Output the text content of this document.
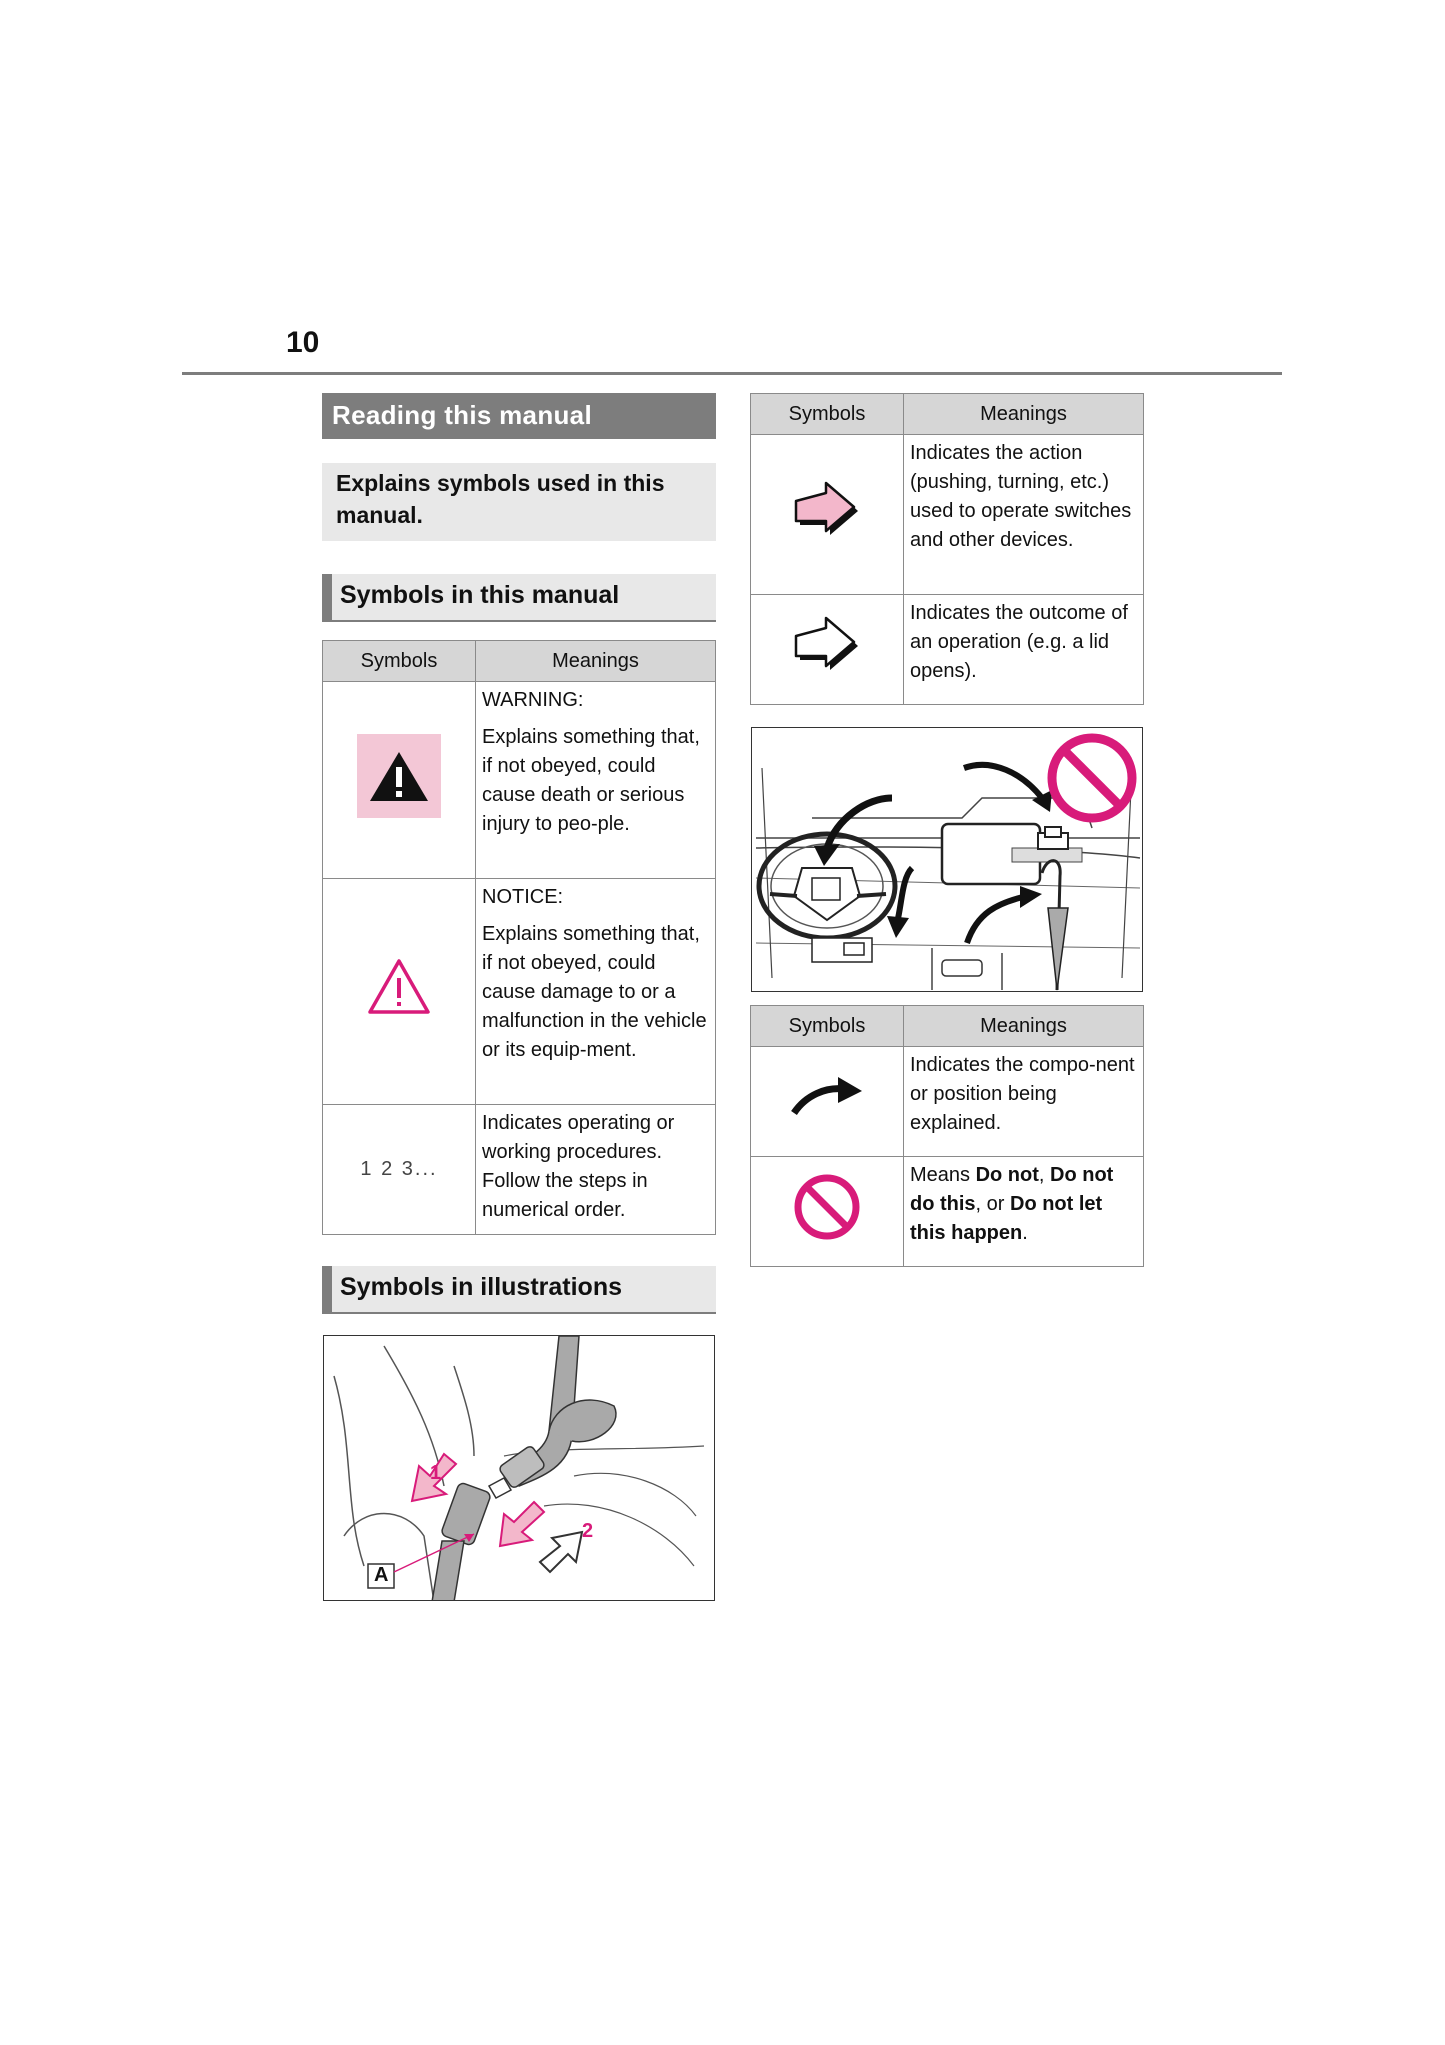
10
Reading this manual
Explains symbols used in this manual.
Symbols in this manual
Symbols	Meanings

WARNING:

Explains something that, if not obeyed, could cause death or serious injury to peo-ple.

NOTICE:

Explains something that, if not obeyed, could cause damage to or a malfunction in the vehicle or its equip-ment.

1 2 3...	Indicates operating or working procedures. Follow the steps in numerical order.
Symbols in illustrations
A
1
2
Symbols	Meanings
	Indicates the action (pushing, turning, etc.) used to operate switches and other devices.
	Indicates the outcome of an operation (e.g. a lid opens).
Symbols	Meanings
	Indicates the compo-nent or position being explained.
	Means Do not, Do not do this, or Do not let this happen.
